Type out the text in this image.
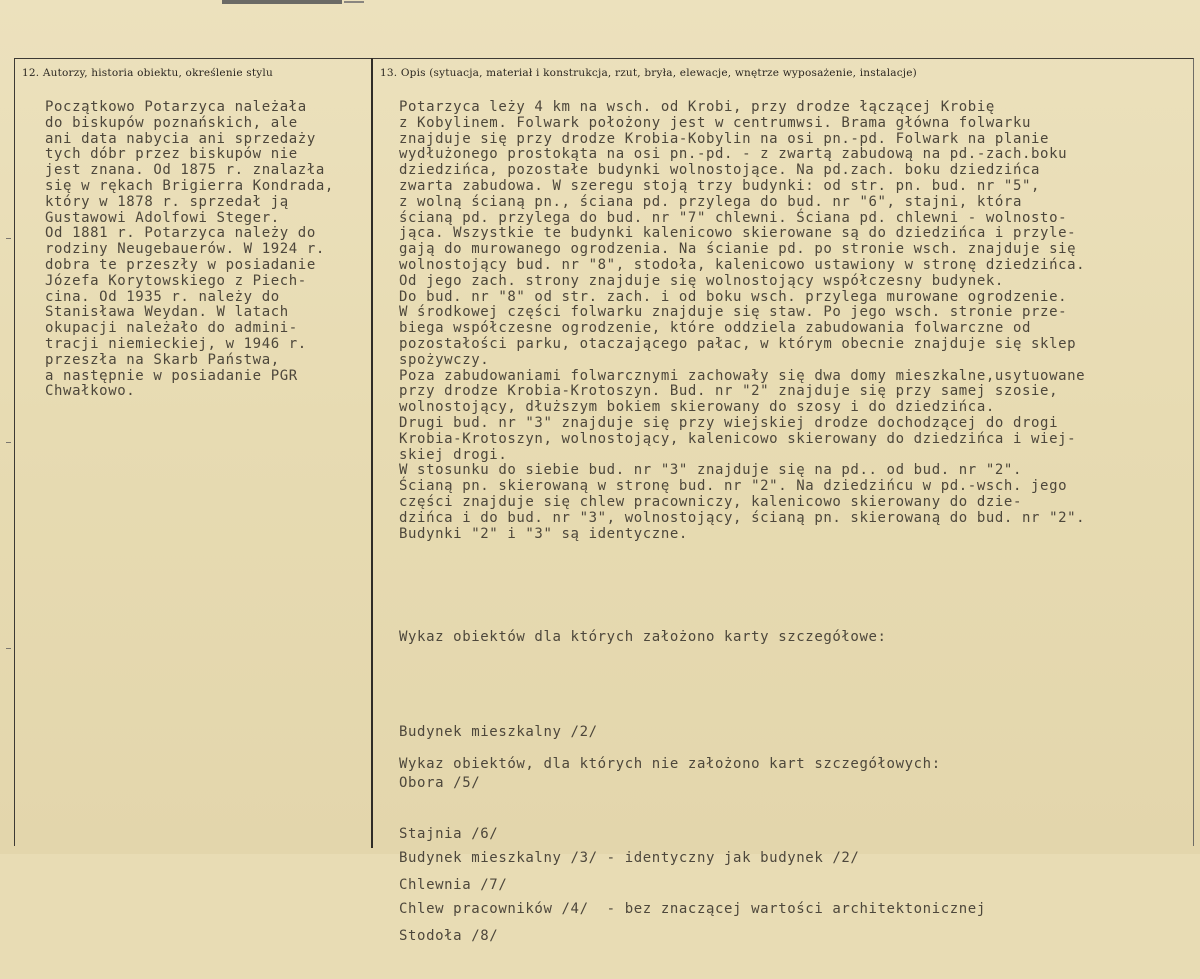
12. Autorzy, historia obiektu, określenie stylu	13. Opis (sytuacja, materiał i konstrukcja, rzut, bryła, elewacje, wnętrze wyposażenie, instalacje)
Początkowo Potarzyca należała
do biskupów poznańskich, ale
ani data nabycia ani sprzedaży
tych dóbr przez biskupów nie
jest znana. Od 1875 r. znalazła
się w rękach Brigierra Kondrada,
który w 1878 r. sprzedał ją
Gustawowi Adolfowi Steger.
Od 1881 r. Potarzyca należy do
rodziny Neugebauerów. W 1924 r.
dobra te przeszły w posiadanie
Józefa Korytowskiego z Piech-
cina. Od 1935 r. należy do
Stanisława Weydan. W latach
okupacji należało do admini-
tracji niemieckiej, w 1946 r.
przeszła na Skarb Państwa,
a następnie w posiadanie PGR
Chwałkowo.
Potarzyca leży 4 km na wsch. od Krobi, przy drodze łączącej Krobię
z Kobylinem. Folwark położony jest w centrumwsi. Brama główna folwarku
znajduje się przy drodze Krobia-Kobylin na osi pn.-pd. Folwark na planie
wydłużonego prostokąta na osi pn.-pd. - z zwartą zabudową na pd.-zach.boku
dziedzińca, pozostałe budynki wolnostojące. Na pd.zach. boku dziedzińca
zwarta zabudowa. W szeregu stoją trzy budynki: od str. pn. bud. nr "5",
z wolną ścianą pn., ściana pd. przylega do bud. nr "6", stajni, która
ścianą pd. przylega do bud. nr "7" chlewni. Ściana pd. chlewni - wolnosto-
jąca. Wszystkie te budynki kalenicowo skierowane są do dziedzińca i przyle-
gają do murowanego ogrodzenia. Na ścianie pd. po stronie wsch. znajduje się
wolnostojący bud. nr "8", stodoła, kalenicowo ustawiony w stronę dziedzińca.
Od jego zach. strony znajduje się wolnostojący współczesny budynek.
Do bud. nr "8" od str. zach. i od boku wsch. przylega murowane ogrodzenie.
W środkowej części folwarku znajduje się staw. Po jego wsch. stronie prze-
biega współczesne ogrodzenie, które oddziela zabudowania folwarczne od
pozostałości parku, otaczającego pałac, w którym obecnie znajduje się sklep
spożywczy.
Poza zabudowaniami folwarcznymi zachowały się dwa domy mieszkalne,usytuowane
przy drodze Krobia-Krotoszyn. Bud. nr "2" znajduje się przy samej szosie,
wolnostojący, dłuższym bokiem skierowany do szosy i do dziedzińca.
Drugi bud. nr "3" znajduje się przy wiejskiej drodze dochodzącej do drogi
Krobia-Krotoszyn, wolnostojący, kalenicowo skierowany do dziedzińca i wiej-
skiej drogi.
W stosunku do siebie bud. nr "3" znajduje się na pd.. od bud. nr "2".
Ścianą pn. skierowaną w stronę bud. nr "2". Na dziedzińcu w pd.-wsch. jego
części znajduje się chlew pracowniczy, kalenicowo skierowany do dzie-
dzińca i do bud. nr "3", wolnostojący, ścianą pn. skierowaną do bud. nr "2".
Budynki "2" i "3" są identyczne.

Wykaz obiektów dla których założono karty szczegółowe:

Budynek mieszkalny /2/

Obora /5/

Stajnia /6/

Chlewnia /7/

Stodoła /8/

Wykaz obiektów, dla których nie założono kart szczegółowych:

Budynek mieszkalny /3/ - identyczny jak budynek /2/

Chlew pracowników /4/  - bez znaczącej wartości architektonicznej
